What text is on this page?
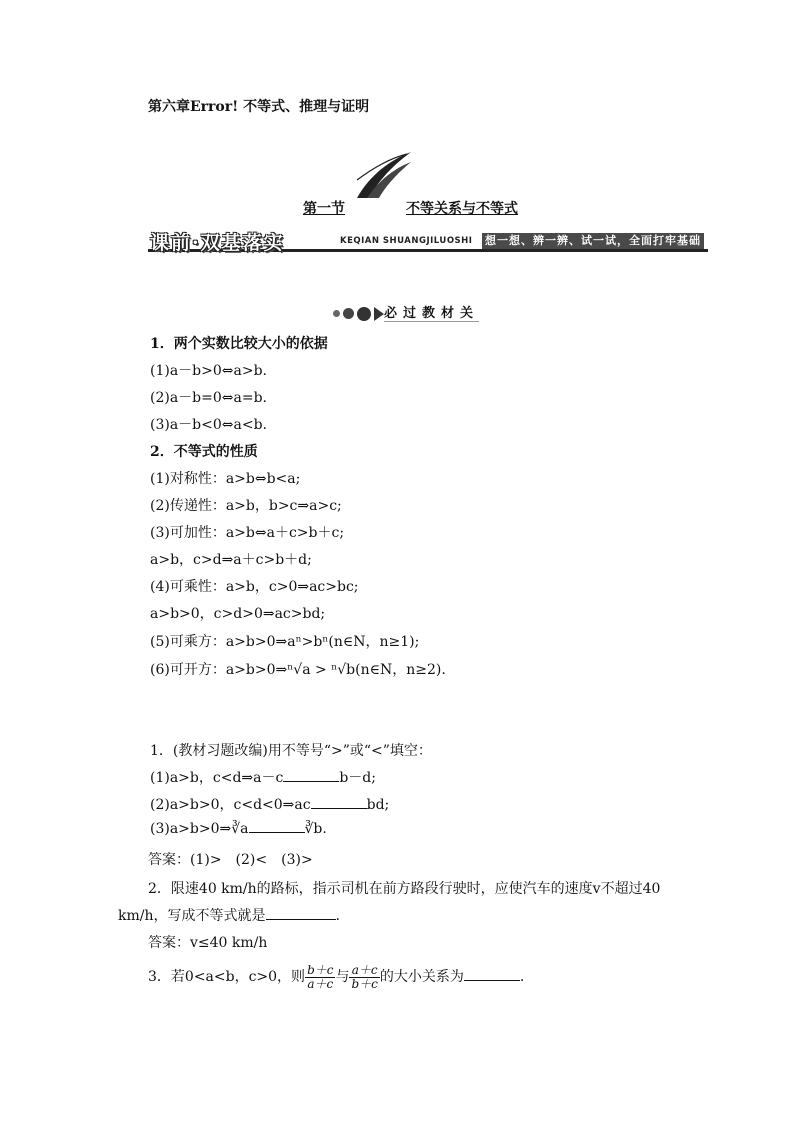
第六章Error! 不等式、推理与证明
第一节	不等关系与不等式
课前·双基落实	KEQIAN SHUANGJILUOSHI 想一想、辨一辨、试一试，全面打牢基础
必过教材关
1．两个实数比较大小的依据
(1)a－b>0⇔a>b.
(2)a－b=0⇔a=b.
(3)a－b<0⇔a<b.
2．不等式的性质
(1)对称性：a>b⇔b<a;
(2)传递性：a>b，b>c⇒a>c;
(3)可加性：a>b⇔a＋c>b＋c;
a>b，c>d⇒a＋c>b＋d;
(4)可乘性：a>b，c>0⇒ac>bc;
a>b>0，c>d>0⇒ac>bd;
(5)可乘方：a>b>0⇒aⁿ>bⁿ(n∈N，n≥1);
(6)可开方：a>b>0⇒ⁿ√a > ⁿ√b(n∈N，n≥2).
1．(教材习题改编)用不等号“>”或“<”填空：
(1)a>b，c<d⇒a－c	b－d;
(2)a>b>0，c<d<0⇒ac	bd;
(3)a>b>0⇒∛a	∛b.
答案：(1)>　(2)<　(3)>
2．限速40 km/h的路标，指示司机在前方路段行驶时，应使汽车的速度v不超过40
km/h，写成不等式就是	.
答案：v≤40 km/h
3．若0<a<b，c>0，则 $\frac{b+c}{a+c}$ 与 $\frac{a+c}{b+c}$ 的大小关系为	.
